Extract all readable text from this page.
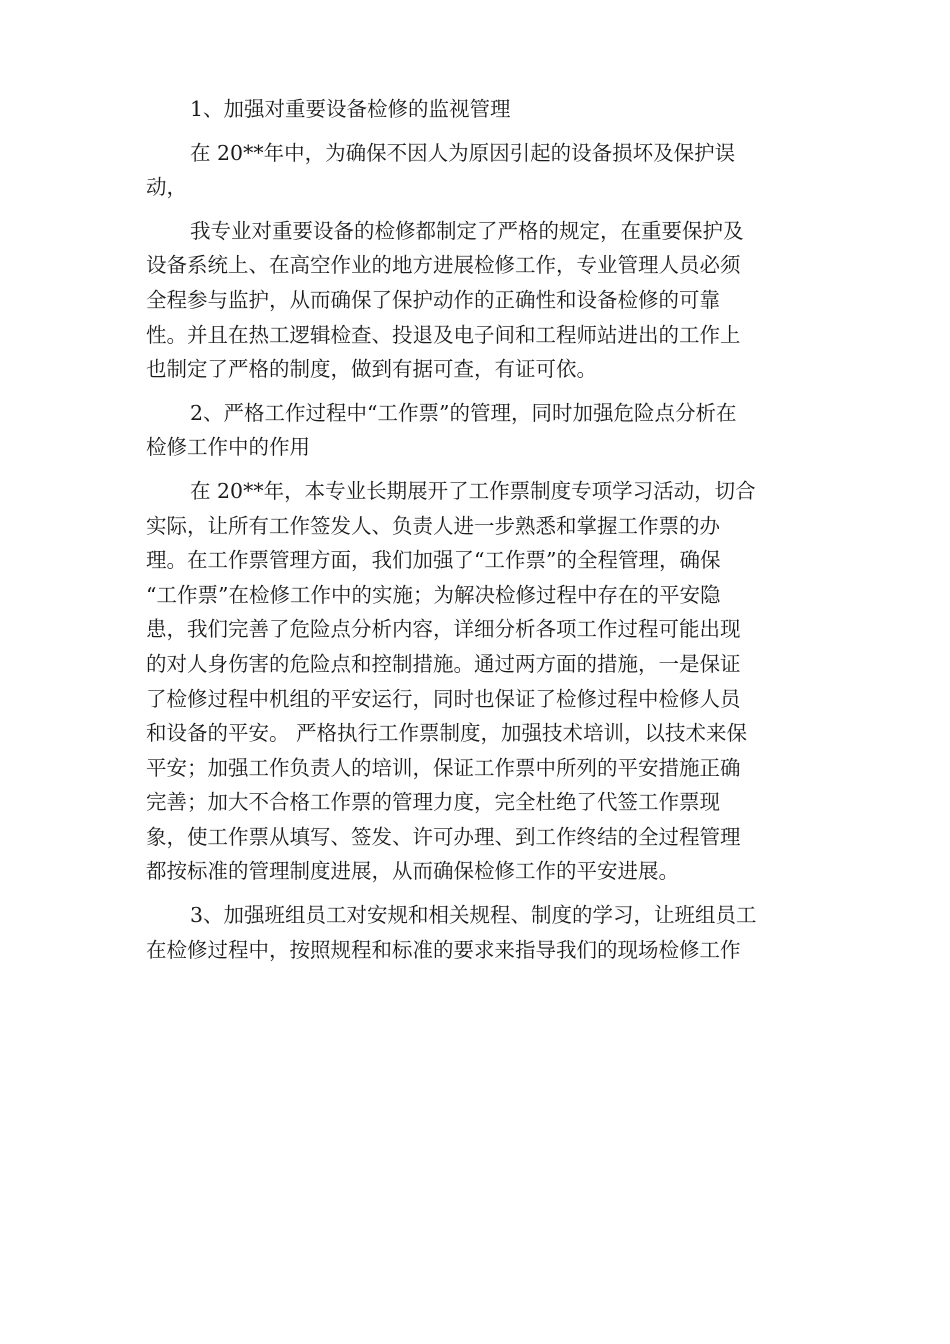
1、加强对重要设备检修的监视管理
在 20**年中，为确保不因人为原因引起的设备损坏及保护误
动，
我专业对重要设备的检修都制定了严格的规定，在重要保护及
设备系统上、在高空作业的地方进展检修工作，专业管理人员必须
全程参与监护，从而确保了保护动作的正确性和设备检修的可靠
性。并且在热工逻辑检查、投退及电子间和工程师站进出的工作上
也制定了严格的制度，做到有据可查，有证可依。
2、严格工作过程中“工作票”的管理，同时加强危险点分析在
检修工作中的作用
在 20**年，本专业长期展开了工作票制度专项学习活动，切合
实际，让所有工作签发人、负责人进一步熟悉和掌握工作票的办
理。在工作票管理方面，我们加强了“工作票”的全程管理，确保
“工作票”在检修工作中的实施；为解决检修过程中存在的平安隐
患，我们完善了危险点分析内容，详细分析各项工作过程可能出现
的对人身伤害的危险点和控制措施。通过两方面的措施，一是保证
了检修过程中机组的平安运行，同时也保证了检修过程中检修人员
和设备的平安。 严格执行工作票制度，加强技术培训，以技术来保
平安；加强工作负责人的培训，保证工作票中所列的平安措施正确
完善；加大不合格工作票的管理力度，完全杜绝了代签工作票现
象，使工作票从填写、签发、许可办理、到工作终结的全过程管理
都按标准的管理制度进展，从而确保检修工作的平安进展。
3、加强班组员工对安规和相关规程、制度的学习，让班组员工
在检修过程中，按照规程和标准的要求来指导我们的现场检修工作
